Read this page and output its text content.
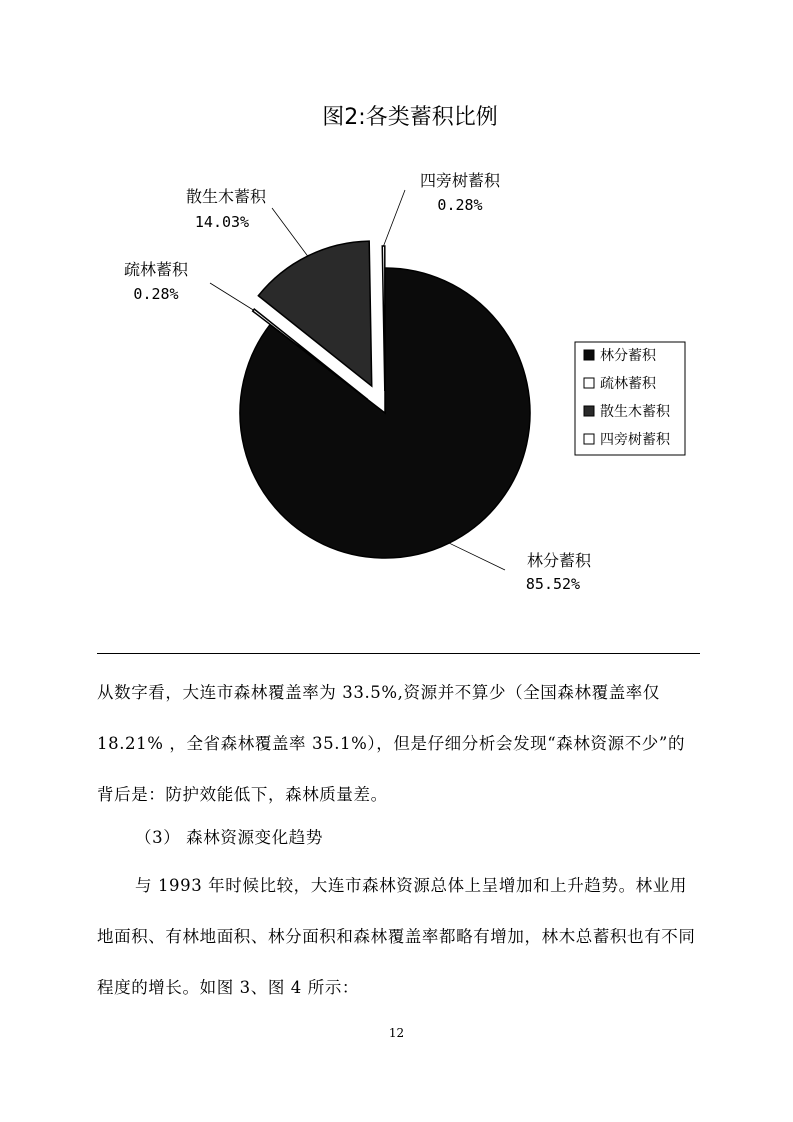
图2:各类蓄积比例
林分蓄积
85.52%
疏林蓄积
0.28%
散生木蓄积
14.03%
四旁树蓄积
0.28%
林分蓄积
疏林蓄积
散生木蓄积
四旁树蓄积

从数字看，大连市森林覆盖率为 33.5%,资源并不算少（全国森林覆盖率仅18.21% ，全省森林覆盖率 35.1%），但是仔细分析会发现“森林资源不少”的背后是：防护效能低下，森林质量差。

（3） 森林资源变化趋势

与 1993 年时候比较，大连市森林资源总体上呈增加和上升趋势。林业用地面积、有林地面积、林分面积和森林覆盖率都略有增加，林木总蓄积也有不同程度的增长。如图 3、图 4 所示：

12
